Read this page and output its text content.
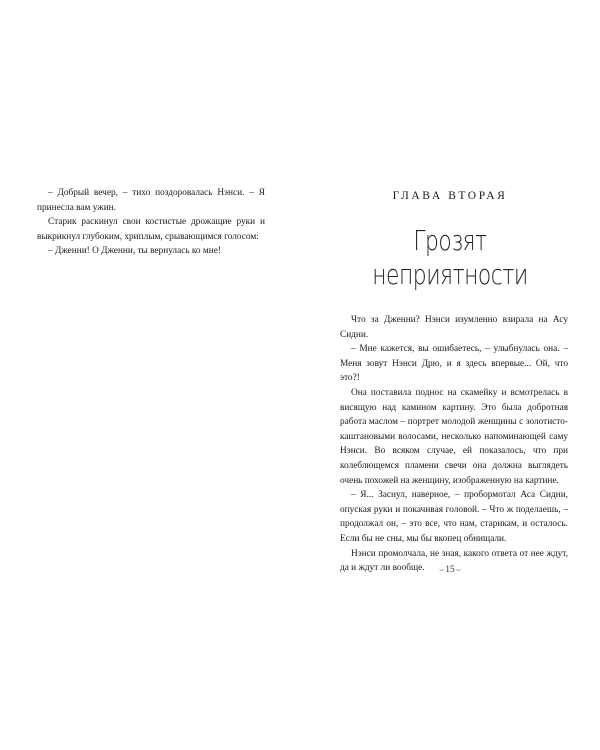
– Добрый вечер, – тихо поздоровалась Нэнси. – Я принесла вам ужин.

Старик раскинул свои костистые дрожащие руки и выкрикнул глубоким, хриплым, срывающимся голосом:

– Дженни! О Дженни, ты вернулась ко мне!

ГЛАВА ВТОРАЯ
Грозят неприятности

Что за Дженни? Нэнси изумленно взирала на Асу Сидни.

– Мне кажется, вы ошибаетесь, – улыбнулась она. – Меня зовут Нэнси Дрю, и я здесь впервые... Ой, что это?!

Она поставила поднос на скамейку и всмотрелась в висящую над камином картину. Это была добротная работа маслом – портрет молодой женщины с золотисто-каштановыми волосами, несколько напоминающей саму Нэнси. Во всяком случае, ей показалось, что при колеблющемся пламени свечи она должна выглядеть очень похожей на женщину, изображенную на картине.

– Я... Заснул, наверное, – пробормотал Аса Сидни, опуская руки и покачивая головой. – Что ж поделаешь, – продолжал он, – это все, что нам, старикам, и осталось. Если бы не сны, мы бы вкопец обнищали.

Нэнси промолчала, не зная, какого ответа от нее ждут, да и ждут ли вообще.	⌣15⌣
